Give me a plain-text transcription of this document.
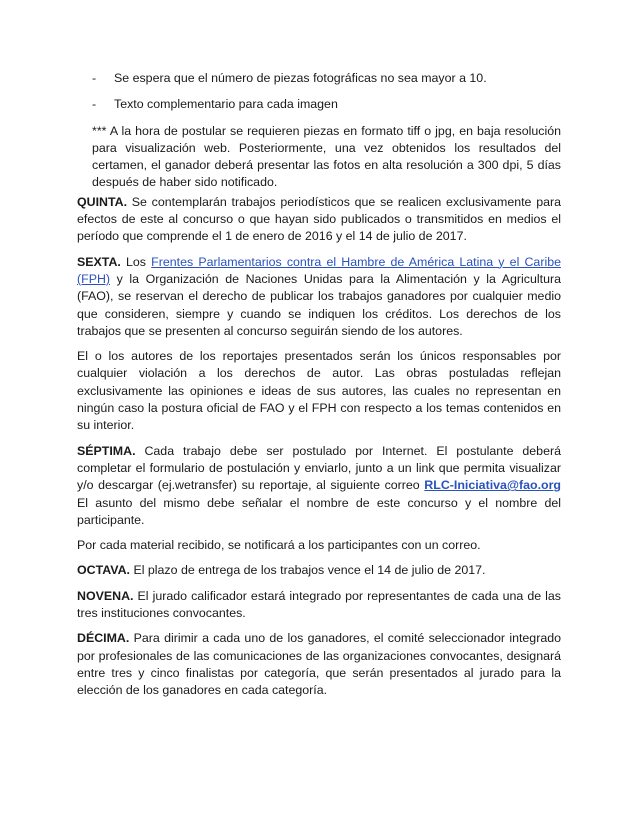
-	Se espera que el número de piezas fotográficas no sea mayor a 10.
-	Texto complementario para cada imagen
*** A la hora de postular se requieren piezas en formato tiff o jpg, en baja resolución para visualización web. Posteriormente, una vez obtenidos los resultados del certamen, el ganador deberá presentar las fotos en alta resolución a 300 dpi, 5 días después de haber sido notificado.

QUINTA. Se contemplarán trabajos periodísticos que se realicen exclusivamente para efectos de este al concurso o que hayan sido publicados o transmitidos en medios el período que comprende el 1 de enero de 2016 y el 14 de julio de 2017.

SEXTA. Los Frentes Parlamentarios contra el Hambre de América Latina y el Caribe (FPH) y la Organización de Naciones Unidas para la Alimentación y la Agricultura (FAO), se reservan el derecho de publicar los trabajos ganadores por cualquier medio que consideren, siempre y cuando se indiquen los créditos. Los derechos de los trabajos que se presenten al concurso seguirán siendo de los autores.

El o los autores de los reportajes presentados serán los únicos responsables por cualquier violación a los derechos de autor. Las obras postuladas reflejan exclusivamente las opiniones e ideas de sus autores, las cuales no representan en ningún caso la postura oficial de FAO y el FPH con respecto a los temas contenidos en su interior.

SÉPTIMA. Cada trabajo debe ser postulado por Internet. El postulante deberá completar el formulario de postulación y enviarlo, junto a un link que permita visualizar y/o descargar (ej.wetransfer) su reportaje, al siguiente correo RLC-Iniciativa@fao.org El asunto del mismo debe señalar el nombre de este concurso y el nombre del participante.

Por cada material recibido, se notificará a los participantes con un correo.

OCTAVA. El plazo de entrega de los trabajos vence el 14 de julio de 2017.

NOVENA. El jurado calificador estará integrado por representantes de cada una de las tres instituciones convocantes.

DÉCIMA. Para dirimir a cada uno de los ganadores, el comité seleccionador integrado por profesionales de las comunicaciones de las organizaciones convocantes, designará entre tres y cinco finalistas por categoría, que serán presentados al jurado para la elección de los ganadores en cada categoría.
